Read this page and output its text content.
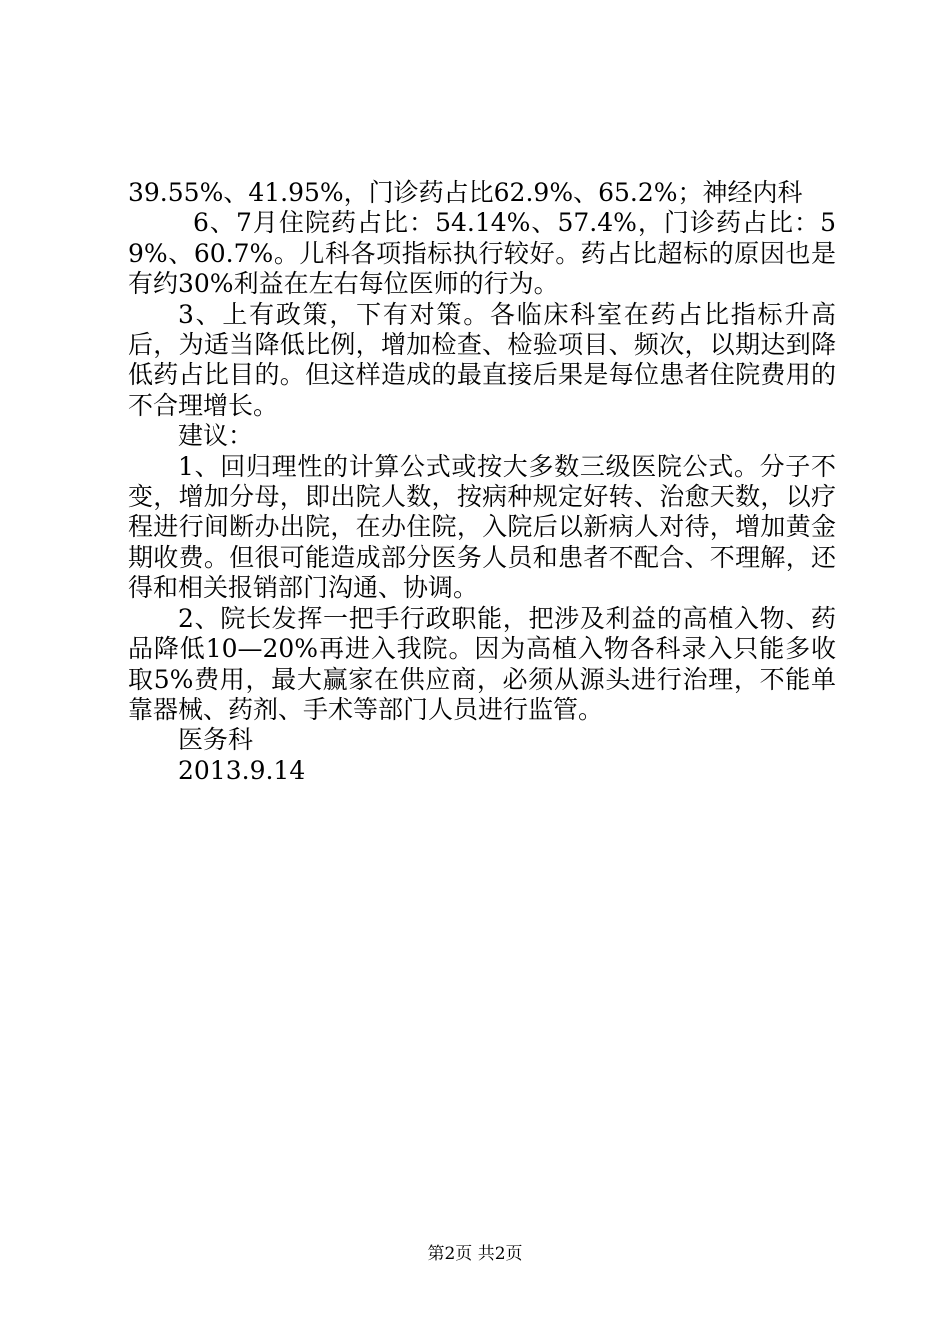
39.55%、41.95%，门诊药占比62.9%、65.2%；神经内科

6、7月住院药占比：54.14%、57.4%，门诊药占比：59%、60.7%。儿科各项指标执行较好。药占比超标的原因也是有约30%利益在左右每位医师的行为。

3、上有政策，下有对策。各临床科室在药占比指标升高后，为适当降低比例，增加检查、检验项目、频次，以期达到降低药占比目的。但这样造成的最直接后果是每位患者住院费用的不合理增长。

建议：

1、回归理性的计算公式或按大多数三级医院公式。分子不变，增加分母，即出院人数，按病种规定好转、治愈天数，以疗程进行间断办出院，在办住院，入院后以新病人对待，增加黄金期收费。但很可能造成部分医务人员和患者不配合、不理解，还得和相关报销部门沟通、协调。

2、院长发挥一把手行政职能，把涉及利益的高植入物、药品降低10—20%再进入我院。因为高植入物各科录入只能多收取5%费用，最大赢家在供应商，必须从源头进行治理，不能单靠器械、药剂、手术等部门人员进行监管。

医务科

2013.9.14

第2页 共2页
